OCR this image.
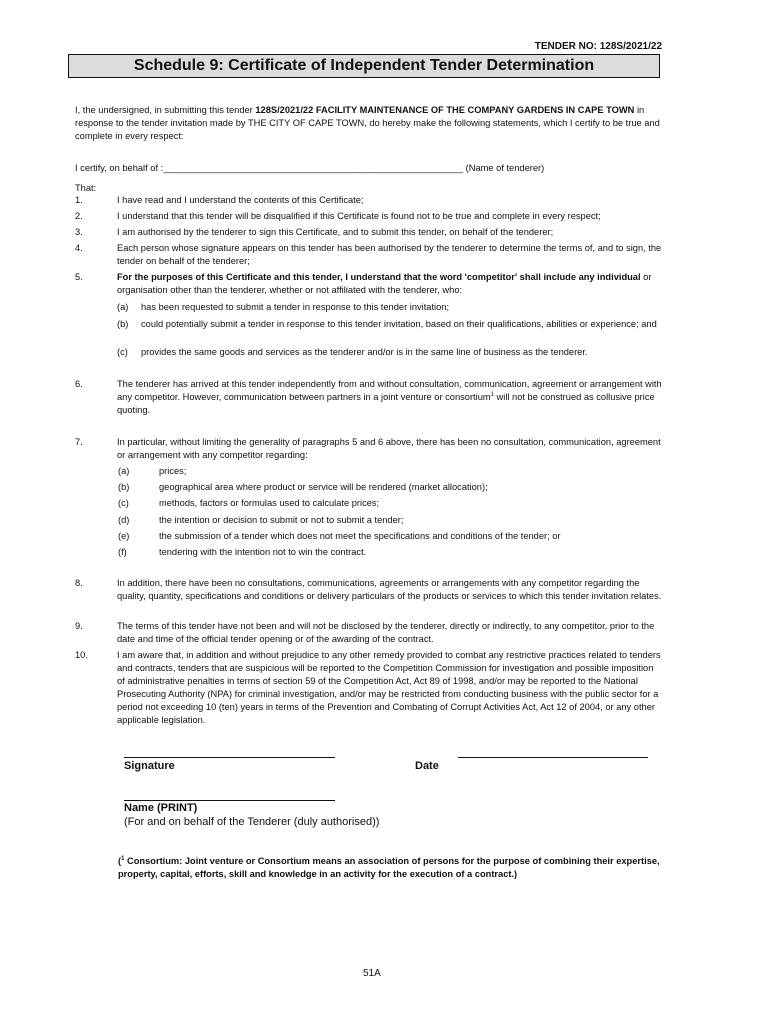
TENDER NO: 128S/2021/22
Schedule 9: Certificate of Independent Tender Determination
I, the undersigned, in submitting this tender 128S/2021/22 FACILITY MAINTENANCE OF THE COMPANY GARDENS IN CAPE TOWN in response to the tender invitation made by THE CITY OF CAPE TOWN, do hereby make the following statements, which I certify to be true and complete in every respect:
I certify, on behalf of :__________________________________________________________ (Name of tenderer)
That:
1.	I have read and I understand the contents of this Certificate;
2.	I understand that this tender will be disqualified if this Certificate is found not to be true and complete in every respect;
3.	I am authorised by the tenderer to sign this Certificate, and to submit this tender, on behalf of the tenderer;
4.	Each person whose signature appears on this tender has been authorised by the tenderer to determine the terms of, and to sign, the tender on behalf of the tenderer;
5.	For the purposes of this Certificate and this tender, I understand that the word 'competitor' shall include any individual or organisation other than the tenderer, whether or not affiliated with the tenderer, who:
(a) has been requested to submit a tender in response to this tender invitation;
(b) could potentially submit a tender in response to this tender invitation, based on their qualifications, abilities or experience; and
(c) provides the same goods and services as the tenderer and/or is in the same line of business as the tenderer.
6.	The tenderer has arrived at this tender independently from and without consultation, communication, agreement or arrangement with any competitor. However, communication between partners in a joint venture or consortium$^1$ will not be construed as collusive price quoting.
7.	In particular, without limiting the generality of paragraphs 5 and 6 above, there has been no consultation, communication, agreement or arrangement with any competitor regarding:
(a)	prices;
(b)	geographical area where product or service will be rendered (market allocation);
(c)	methods, factors or formulas used to calculate prices;
(d)	the intention or decision to submit or not to submit a tender;
(e)	the submission of a tender which does not meet the specifications and conditions of the tender; or
(f)	tendering with the intention not to win the contract.
8.	In addition, there have been no consultations, communications, agreements or arrangements with any competitor regarding the quality, quantity, specifications and conditions or delivery particulars of the products or services to which this tender invitation relates.
9.	The terms of this tender have not been and will not be disclosed by the tenderer, directly or indirectly, to any competitor, prior to the date and time of the official tender opening or of the awarding of the contract.
10.	I am aware that, in addition and without prejudice to any other remedy provided to combat any restrictive practices related to tenders and contracts, tenders that are suspicious will be reported to the Competition Commission for investigation and possible imposition of administrative penalties in terms of section 59 of the Competition Act, Act 89 of 1998, and/or may be reported to the National Prosecuting Authority (NPA) for criminal investigation, and/or may be restricted from conducting business with the public sector for a period not exceeding 10 (ten) years in terms of the Prevention and Combating of Corrupt Activities Act, Act 12 of 2004, or any other applicable legislation.
Signature	Date
Name (PRINT)
(For and on behalf of the Tenderer (duly authorised))
($^1$ Consortium: Joint venture or Consortium means an association of persons for the purpose of combining their expertise, property, capital, efforts, skill and knowledge in an activity for the execution of a contract.)
51A
